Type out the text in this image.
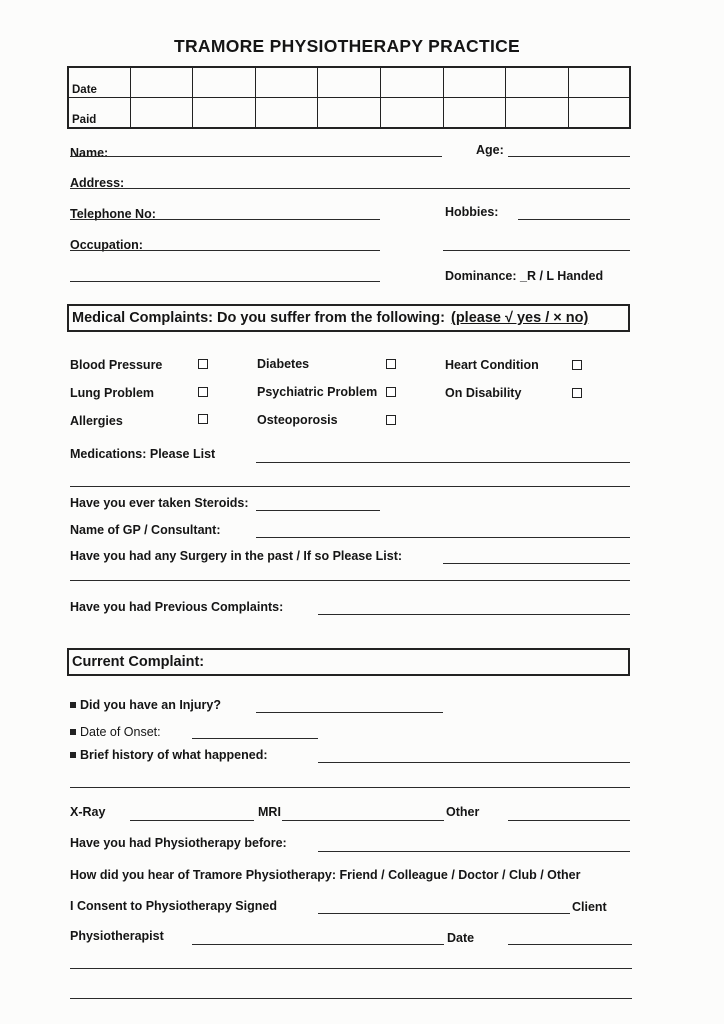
TRAMORE PHYSIOTHERAPY PRACTICE
Date
Paid
Name:	Age:
Address:
Telephone No:	Hobbies:
Occupation:
Dominance: _R / L Handed
Medical Complaints: Do you suffer from the following: (please √ yes / × no)
Blood Pressure	Diabetes	Heart Condition
Lung Problem	Psychiatric Problem	On Disability
Allergies	Osteoporosis
Medications: Please List
Have you ever taken Steroids:
Name of GP / Consultant:
Have you had any Surgery in the past / If so Please List:
Have you had Previous Complaints:
Current Complaint:
Did you have an Injury?
Date of Onset:
Brief history of what happened:
X-Ray	MRI	Other
Have you had Physiotherapy before:
How did you hear of Tramore Physiotherapy: Friend / Colleague / Doctor / Club / Other
I Consent to Physiotherapy Signed	Client
Physiotherapist	Date
